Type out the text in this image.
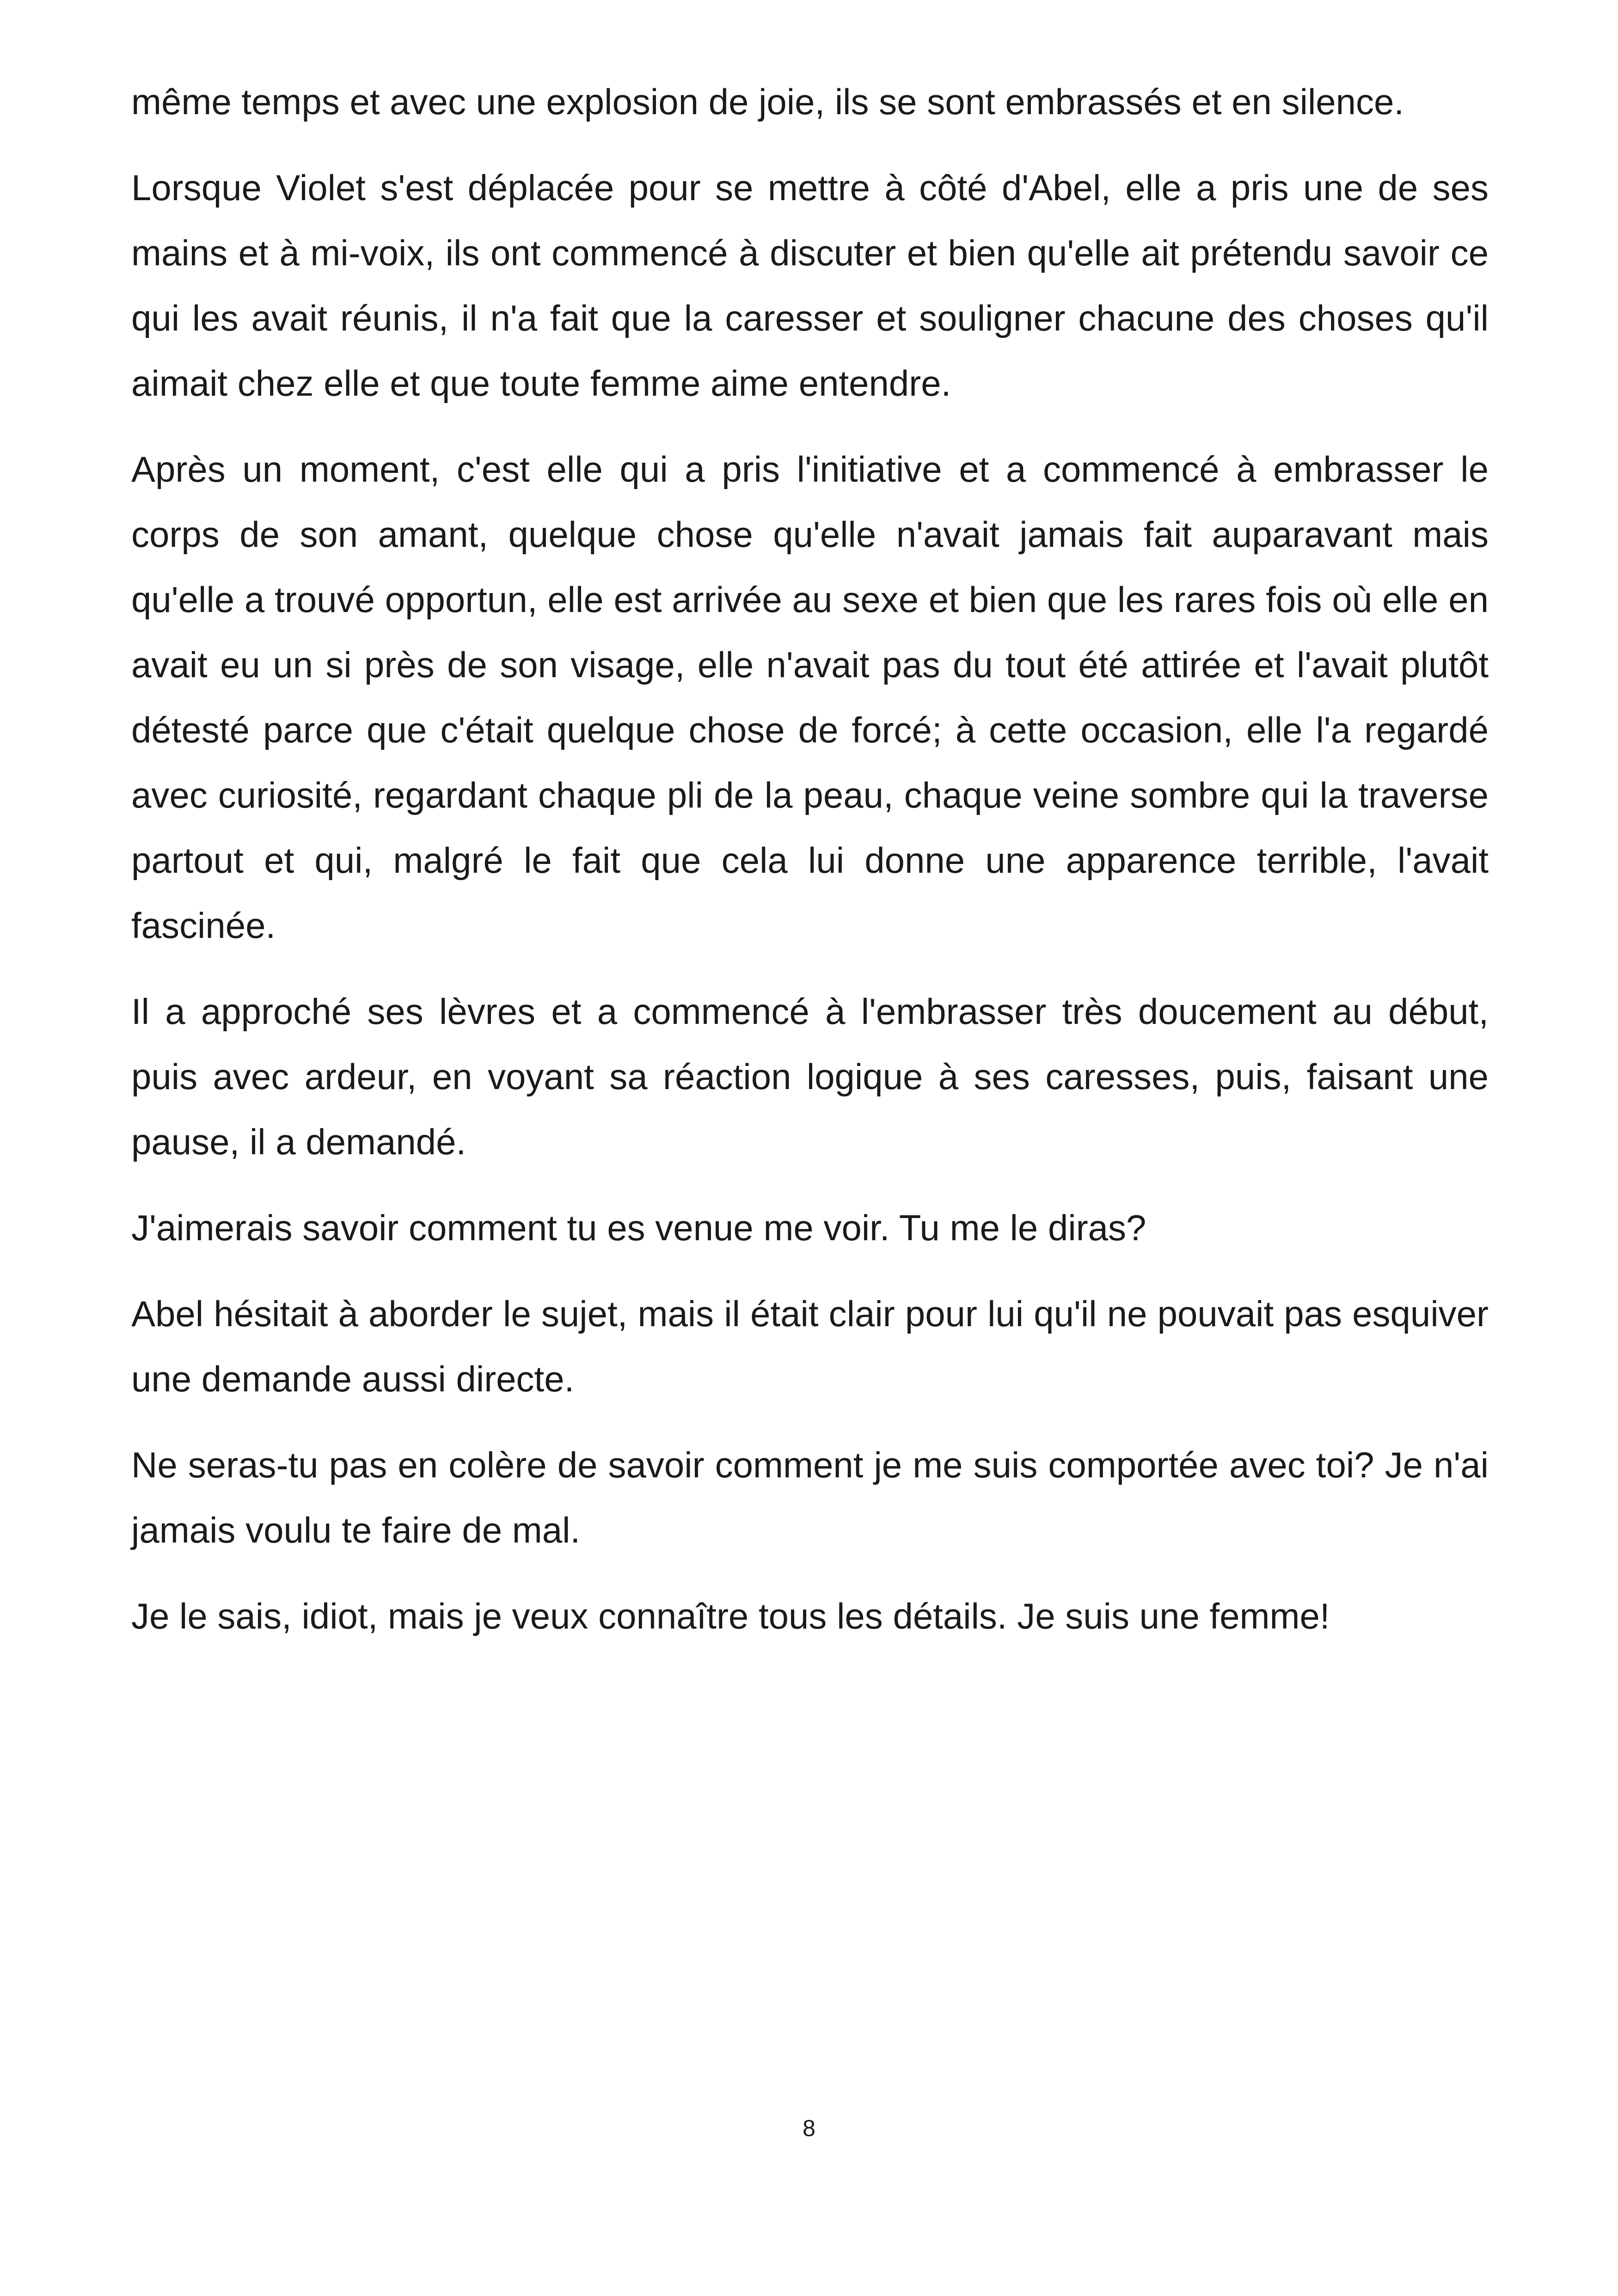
même temps et avec une explosion de joie, ils se sont embrassés et en silence.

Lorsque Violet s'est déplacée pour se mettre à côté d'Abel, elle a pris une de ses mains et à mi-voix, ils ont commencé à discuter et bien qu'elle ait prétendu savoir ce qui les avait réunis, il n'a fait que la caresser et souligner chacune des choses qu'il aimait chez elle et que toute femme aime entendre.

Après un moment, c'est elle qui a pris l'initiative et a commencé à embrasser le corps de son amant, quelque chose qu'elle n'avait jamais fait auparavant mais qu'elle a trouvé opportun, elle est arrivée au sexe et bien que les rares fois où elle en avait eu un si près de son visage, elle n'avait pas du tout été attirée et l'avait plutôt détesté parce que c'était quelque chose de forcé; à cette occasion, elle l'a regardé avec curiosité, regardant chaque pli de la peau, chaque veine sombre qui la traverse partout et qui, malgré le fait que cela lui donne une apparence terrible, l'avait fascinée.

Il a approché ses lèvres et a commencé à l'embrasser très doucement au début, puis avec ardeur, en voyant sa réaction logique à ses caresses, puis, faisant une pause, il a demandé.

J'aimerais savoir comment tu es venue me voir. Tu me le diras?

Abel hésitait à aborder le sujet, mais il était clair pour lui qu'il ne pouvait pas esquiver une demande aussi directe.

Ne seras-tu pas en colère de savoir comment je me suis comportée avec toi? Je n'ai jamais voulu te faire de mal.

Je le sais, idiot, mais je veux connaître tous les détails. Je suis une femme!

8
